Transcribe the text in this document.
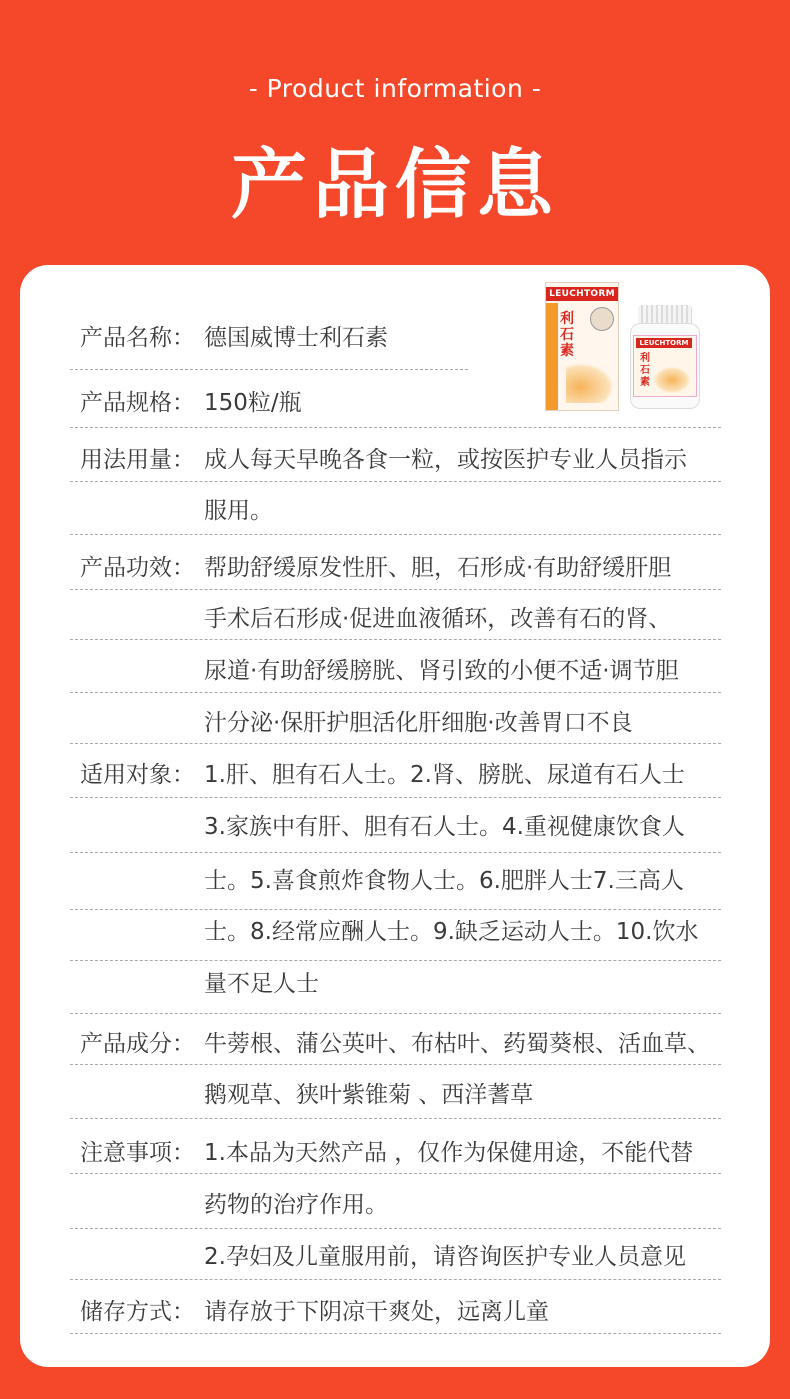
- Product information -
产品信息
LEUCHTORM
利石素	LEUCHTORM
利石素
产品名称： 德国威博士利石素
产品规格： 150粒/瓶
用法用量： 成人每天早晚各食一粒，或按医护专业人员指示
服用。
产品功效： 帮助舒缓原发性肝、胆，石形成·有助舒缓肝胆
手术后石形成·促进血液循环，改善有石的肾、
尿道·有助舒缓膀胱、肾引致的小便不适·调节胆
汁分泌·保肝护胆活化肝细胞·改善胃口不良
适用对象： 1.肝、胆有石人士。2.肾、膀胱、尿道有石人士
3.家族中有肝、胆有石人士。4.重视健康饮食人
士。5.喜食煎炸食物人士。6.肥胖人士7.三高人
士。8.经常应酬人士。9.缺乏运动人士。10.饮水
量不足人士
产品成分： 牛蒡根、蒲公英叶、布枯叶、药蜀葵根、活血草、
鹅观草、狭叶紫锥菊 、西洋蓍草
注意事项： 1.本品为天然产品 ，仅作为保健用途，不能代替
药物的治疗作用。
2.孕妇及儿童服用前，请咨询医护专业人员意见
储存方式： 请存放于下阴凉干爽处，远离儿童
